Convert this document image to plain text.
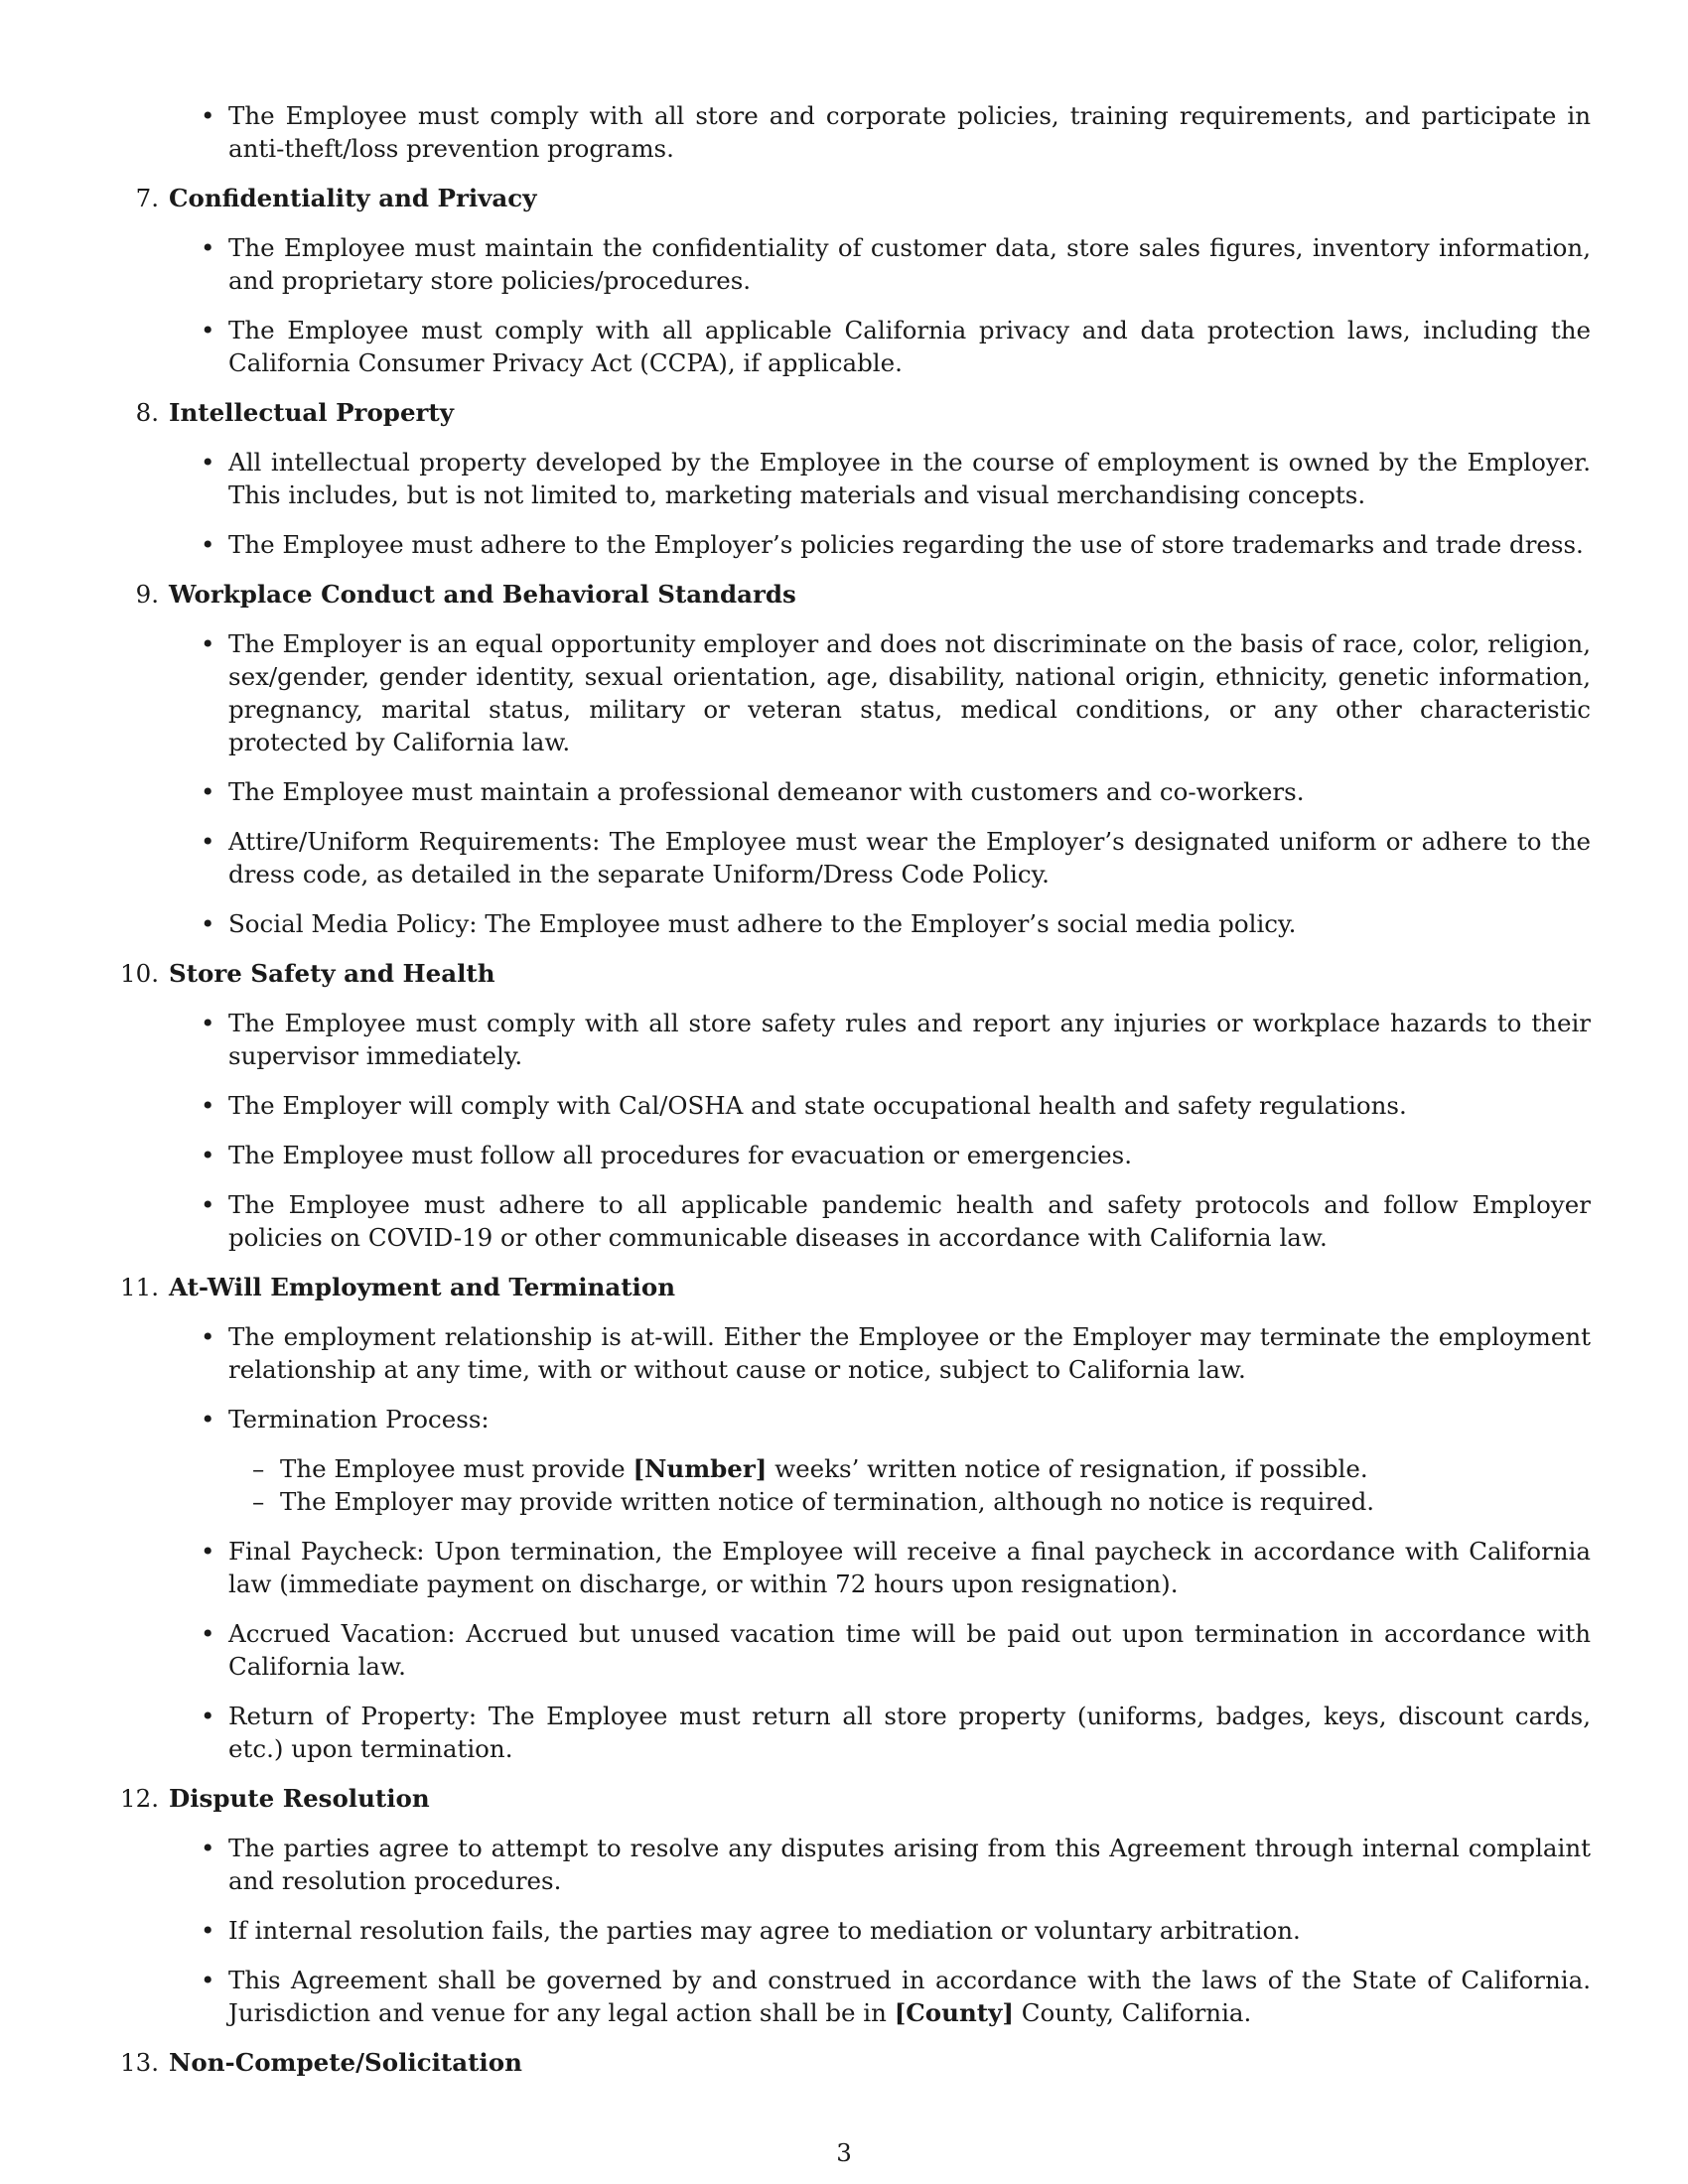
• The Employee must comply with all store and corporate policies, training requirements, and participate in anti-theft/loss prevention programs.
7. Confidentiality and Privacy
• The Employee must maintain the confidentiality of customer data, store sales figures, inventory information, and proprietary store policies/procedures.
• The Employee must comply with all applicable California privacy and data protection laws, including the California Consumer Privacy Act (CCPA), if applicable.
8. Intellectual Property
• All intellectual property developed by the Employee in the course of employment is owned by the Employer. This includes, but is not limited to, marketing materials and visual merchandising concepts.
• The Employee must adhere to the Employer’s policies regarding the use of store trademarks and trade dress.
9. Workplace Conduct and Behavioral Standards
• The Employer is an equal opportunity employer and does not discriminate on the basis of race, color, religion, sex/gender, gender identity, sexual orientation, age, disability, national origin, ethnicity, genetic information, pregnancy, marital status, military or veteran status, medical conditions, or any other characteristic protected by California law.
• The Employee must maintain a professional demeanor with customers and co-workers.
• Attire/Uniform Requirements: The Employee must wear the Employer’s designated uniform or adhere to the dress code, as detailed in the separate Uniform/Dress Code Policy.
• Social Media Policy: The Employee must adhere to the Employer’s social media policy.
10. Store Safety and Health
• The Employee must comply with all store safety rules and report any injuries or workplace hazards to their supervisor immediately.
• The Employer will comply with Cal/OSHA and state occupational health and safety regulations.
• The Employee must follow all procedures for evacuation or emergencies.
• The Employee must adhere to all applicable pandemic health and safety protocols and follow Employer policies on COVID-19 or other communicable diseases in accordance with California law.
11. At-Will Employment and Termination
• The employment relationship is at-will. Either the Employee or the Employer may terminate the employment relationship at any time, with or without cause or notice, subject to California law.
• Termination Process:
– The Employee must provide [Number] weeks’ written notice of resignation, if possible.
– The Employer may provide written notice of termination, although no notice is required.
• Final Paycheck: Upon termination, the Employee will receive a final paycheck in accordance with California law (immediate payment on discharge, or within 72 hours upon resignation).
• Accrued Vacation: Accrued but unused vacation time will be paid out upon termination in accordance with California law.
• Return of Property: The Employee must return all store property (uniforms, badges, keys, discount cards, etc.) upon termination.
12. Dispute Resolution
• The parties agree to attempt to resolve any disputes arising from this Agreement through internal complaint and resolution procedures.
• If internal resolution fails, the parties may agree to mediation or voluntary arbitration.
• This Agreement shall be governed by and construed in accordance with the laws of the State of California. Jurisdiction and venue for any legal action shall be in [County] County, California.
13. Non-Compete/Solicitation
3
